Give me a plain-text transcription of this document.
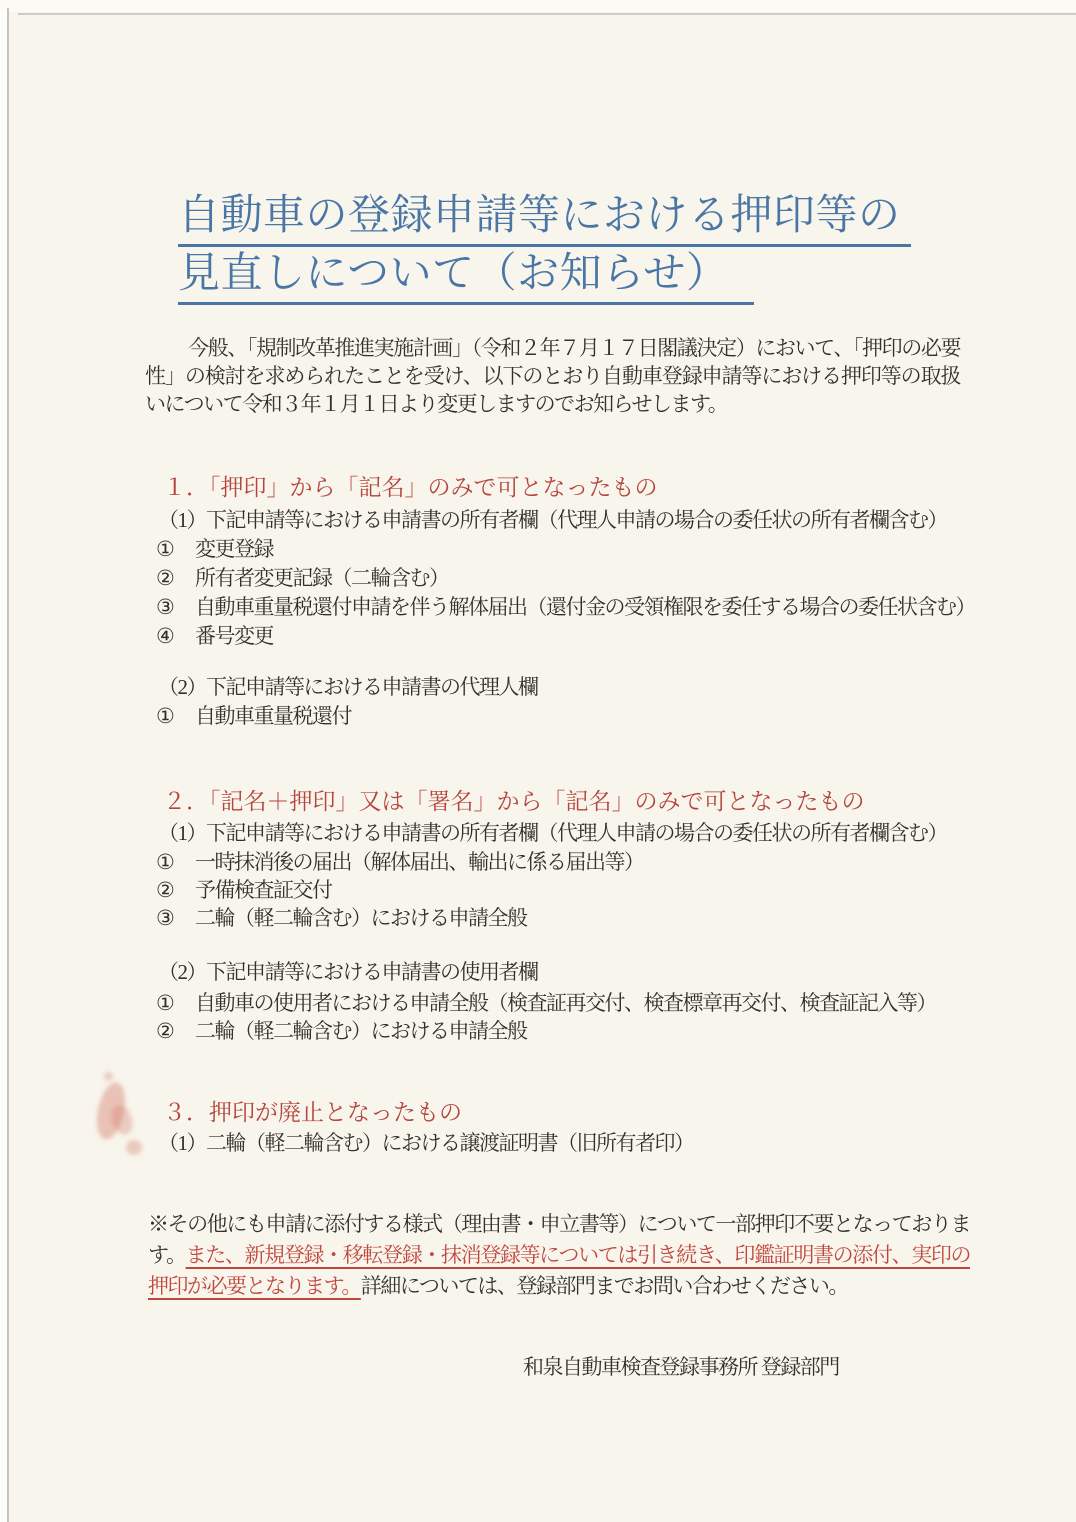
自動車の登録申請等における押印等の
見直しについて（お知らせ）
今般、「規制改革推進実施計画」（令和２年７月１７日閣議決定）において、「押印の必要性」の検討を求められたことを受け、以下のとおり自動車登録申請等における押印等の取扱いについて令和３年１月１日より変更しますのでお知らせします。
１．「押印」から「記名」のみで可となったもの
（1）下記申請等における申請書の所有者欄（代理人申請の場合の委任状の所有者欄含む）
① 変更登録
② 所有者変更記録（二輪含む）
③ 自動車重量税還付申請を伴う解体届出（還付金の受領権限を委任する場合の委任状含む）
④ 番号変更
（2）下記申請等における申請書の代理人欄
① 自動車重量税還付
２．「記名＋押印」又は「署名」から「記名」のみで可となったもの
（1）下記申請等における申請書の所有者欄（代理人申請の場合の委任状の所有者欄含む）
① 一時抹消後の届出（解体届出、輸出に係る届出等）
② 予備検査証交付
③ 二輪（軽二輪含む）における申請全般
（2）下記申請等における申請書の使用者欄
① 自動車の使用者における申請全般（検査証再交付、検査標章再交付、検査証記入等）
② 二輪（軽二輪含む）における申請全般
３．押印が廃止となったもの
（1）二輪（軽二輪含む）における譲渡証明書（旧所有者印）
※その他にも申請に添付する様式（理由書・申立書等）について一部押印不要となっております。また、新規登録・移転登録・抹消登録等については引き続き、印鑑証明書の添付、実印の押印が必要となります。詳細については、登録部門までお問い合わせください。
和泉自動車検査登録事務所 登録部門
